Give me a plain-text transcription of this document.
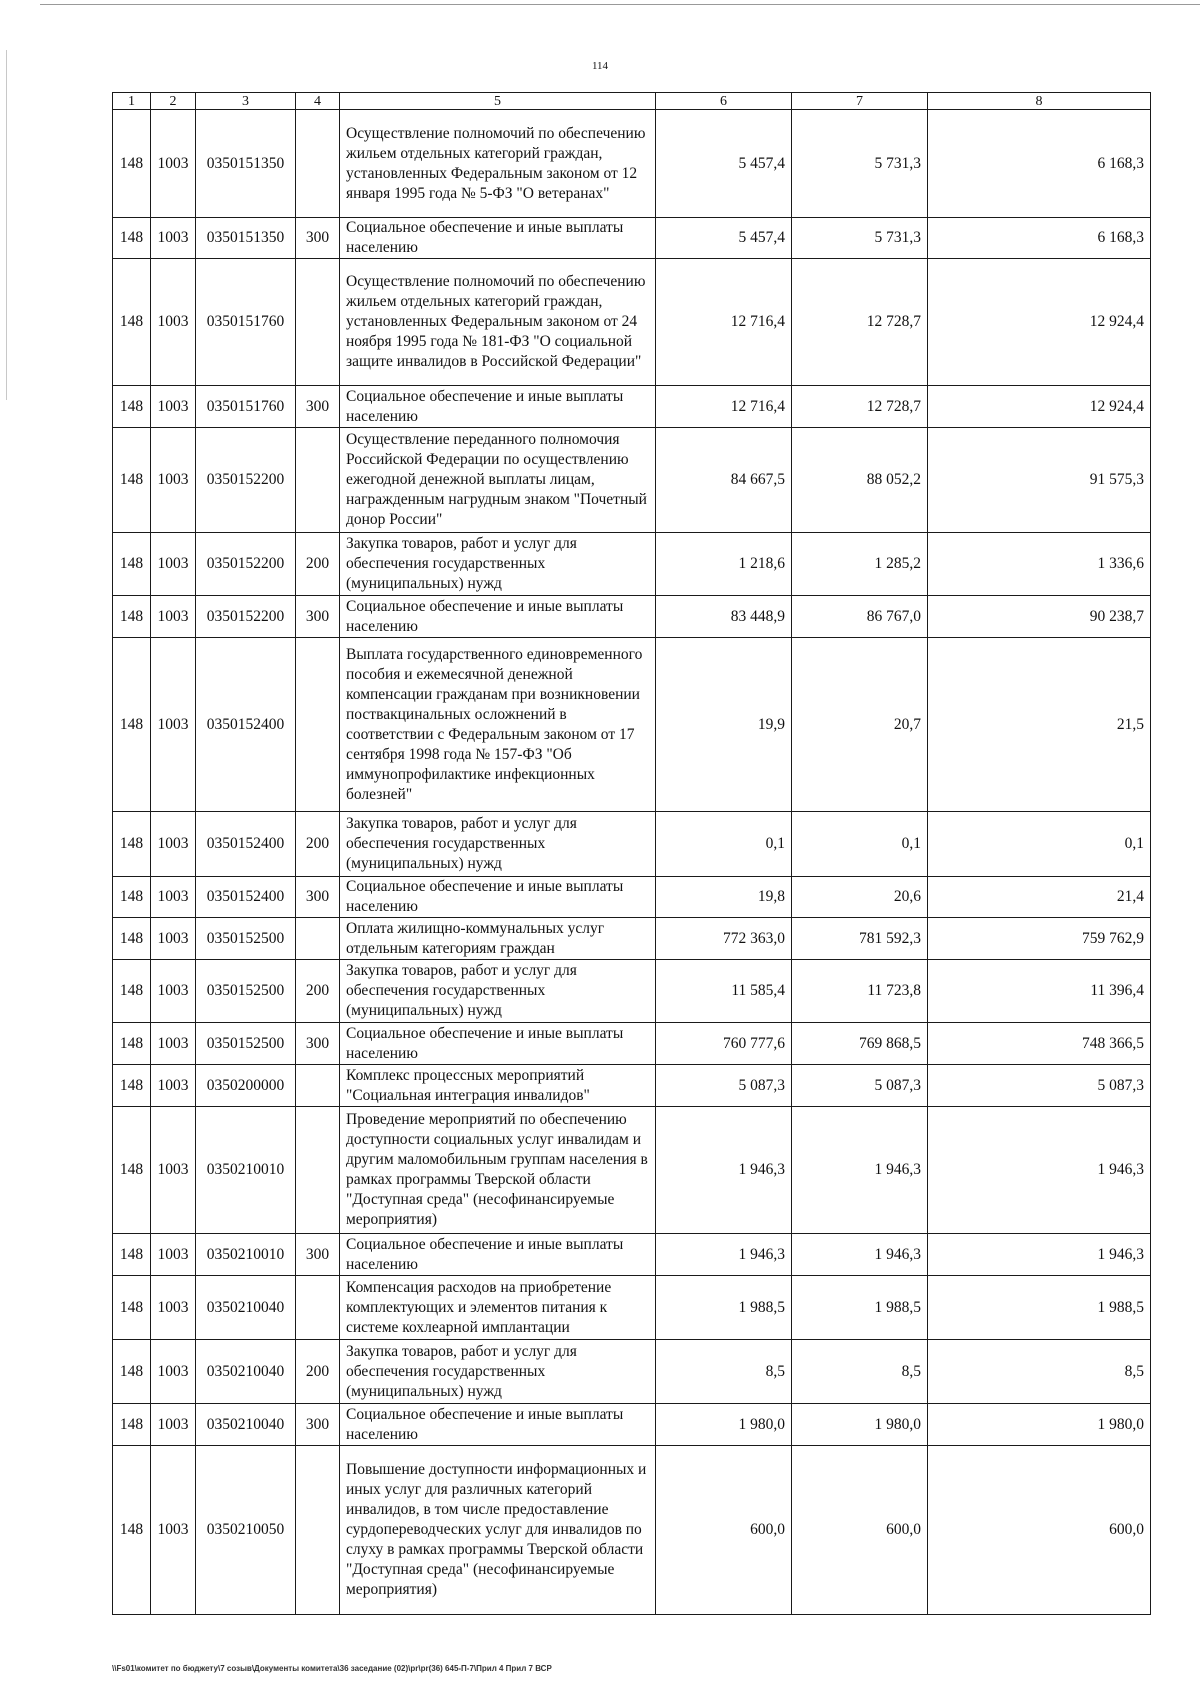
114
1	2	3	4	5	6	7	8
148	1003	0350151350		Осуществление полномочий по обеспечению жильем отдельных категорий граждан, установленных Федеральным законом от 12 января 1995 года № 5-ФЗ "О ветеранах"	5 457,4	5 731,3	6 168,3
148	1003	0350151350	300	Социальное обеспечение и иные выплаты населению	5 457,4	5 731,3	6 168,3
148	1003	0350151760		Осуществление полномочий по обеспечению жильем отдельных категорий граждан, установленных Федеральным законом от 24 ноября 1995 года № 181-ФЗ "О социальной защите инвалидов в Российской Федерации"	12 716,4	12 728,7	12 924,4
148	1003	0350151760	300	Социальное обеспечение и иные выплаты населению	12 716,4	12 728,7	12 924,4
148	1003	0350152200		Осуществление переданного полномочия Российской Федерации по осуществлению ежегодной денежной выплаты лицам, награжденным нагрудным знаком "Почетный донор России"	84 667,5	88 052,2	91 575,3
148	1003	0350152200	200	Закупка товаров, работ и услуг для обеспечения государственных (муниципальных) нужд	1 218,6	1 285,2	1 336,6
148	1003	0350152200	300	Социальное обеспечение и иные выплаты населению	83 448,9	86 767,0	90 238,7
148	1003	0350152400		Выплата государственного единовременного пособия и ежемесячной денежной компенсации гражданам при возникновении поствакцинальных осложнений в соответствии с Федеральным законом от 17 сентября 1998 года № 157-ФЗ "Об иммунопрофилактике инфекционных болезней"	19,9	20,7	21,5
148	1003	0350152400	200	Закупка товаров, работ и услуг для обеспечения государственных (муниципальных) нужд	0,1	0,1	0,1
148	1003	0350152400	300	Социальное обеспечение и иные выплаты населению	19,8	20,6	21,4
148	1003	0350152500		Оплата жилищно-коммунальных услуг отдельным категориям граждан	772 363,0	781 592,3	759 762,9
148	1003	0350152500	200	Закупка товаров, работ и услуг для обеспечения государственных (муниципальных) нужд	11 585,4	11 723,8	11 396,4
148	1003	0350152500	300	Социальное обеспечение и иные выплаты населению	760 777,6	769 868,5	748 366,5
148	1003	0350200000		Комплекс процессных мероприятий "Социальная интеграция инвалидов"	5 087,3	5 087,3	5 087,3
148	1003	0350210010		Проведение мероприятий по обеспечению доступности социальных услуг инвалидам и другим маломобильным группам населения в рамках программы Тверской области "Доступная среда" (несофинансируемые мероприятия)	1 946,3	1 946,3	1 946,3
148	1003	0350210010	300	Социальное обеспечение и иные выплаты населению	1 946,3	1 946,3	1 946,3
148	1003	0350210040		Компенсация расходов на приобретение комплектующих и элементов питания к системе кохлеарной имплантации	1 988,5	1 988,5	1 988,5
148	1003	0350210040	200	Закупка товаров, работ и услуг для обеспечения государственных (муниципальных) нужд	8,5	8,5	8,5
148	1003	0350210040	300	Социальное обеспечение и иные выплаты населению	1 980,0	1 980,0	1 980,0
148	1003	0350210050		Повышение доступности информационных и иных услуг для различных категорий инвалидов, в том числе предоставление сурдопереводческих услуг для инвалидов по слуху в рамках программы Тверской области "Доступная среда" (несофинансируемые мероприятия)	600,0	600,0	600,0
\\Fs01\комитет по бюджету\7 созыв\Документы комитета\36 заседание (02)\pr\pr(36) 645-П-7\Прил 4 Прил 7 ВСР
